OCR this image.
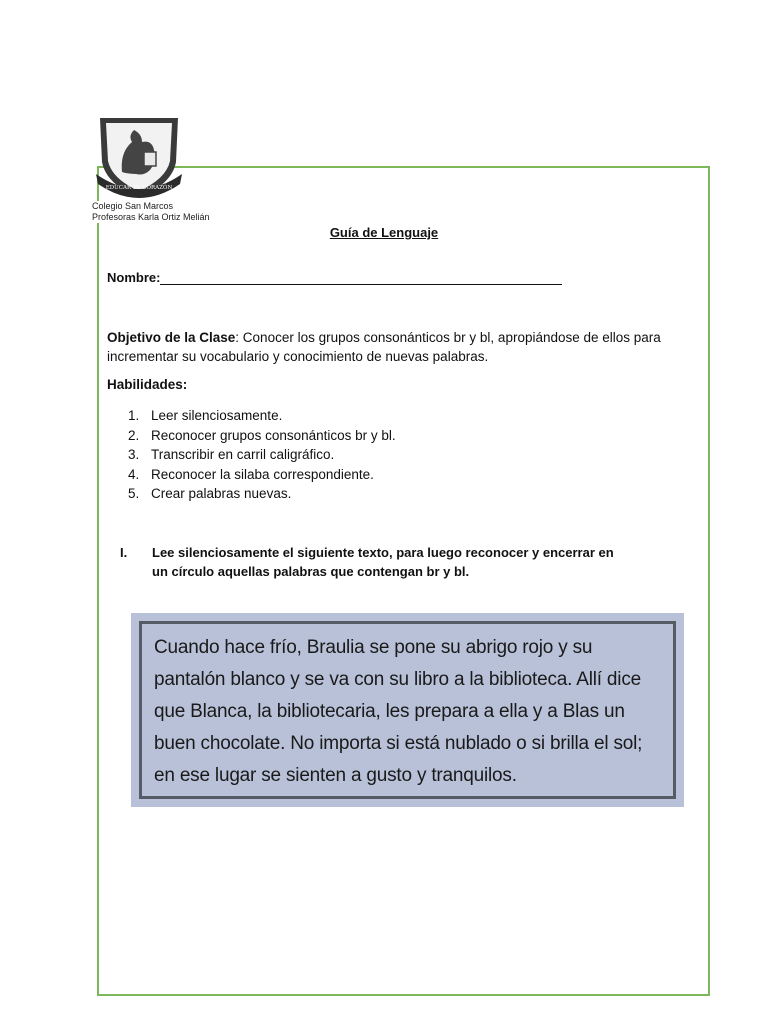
EDUCAR EL CORAZÓN
Colegio San Marcos
Profesoras Karla Ortiz Melián
Guía de Lenguaje
Nombre:
Objetivo de la Clase: Conocer los grupos consonánticos br y bl, apropiándose de ellos para incrementar su vocabulario y conocimiento de nuevas palabras.
Habilidades:
1. Leer silenciosamente.
2. Reconocer grupos consonánticos br y bl.
3. Transcribir en carril caligráfico.
4. Reconocer la silaba correspondiente.
5. Crear palabras nuevas.
I.	Lee silenciosamente el siguiente texto, para luego reconocer y encerrar en un círculo aquellas palabras que contengan br y bl.
Cuando hace frío, Braulia se pone su abrigo rojo y su
pantalón blanco y se va con su libro a la biblioteca. Allí dice
que Blanca, la bibliotecaria, les prepara a ella y a Blas un
buen chocolate. No importa si está nublado o si brilla el sol;
en ese lugar se sienten a gusto y tranquilos.
